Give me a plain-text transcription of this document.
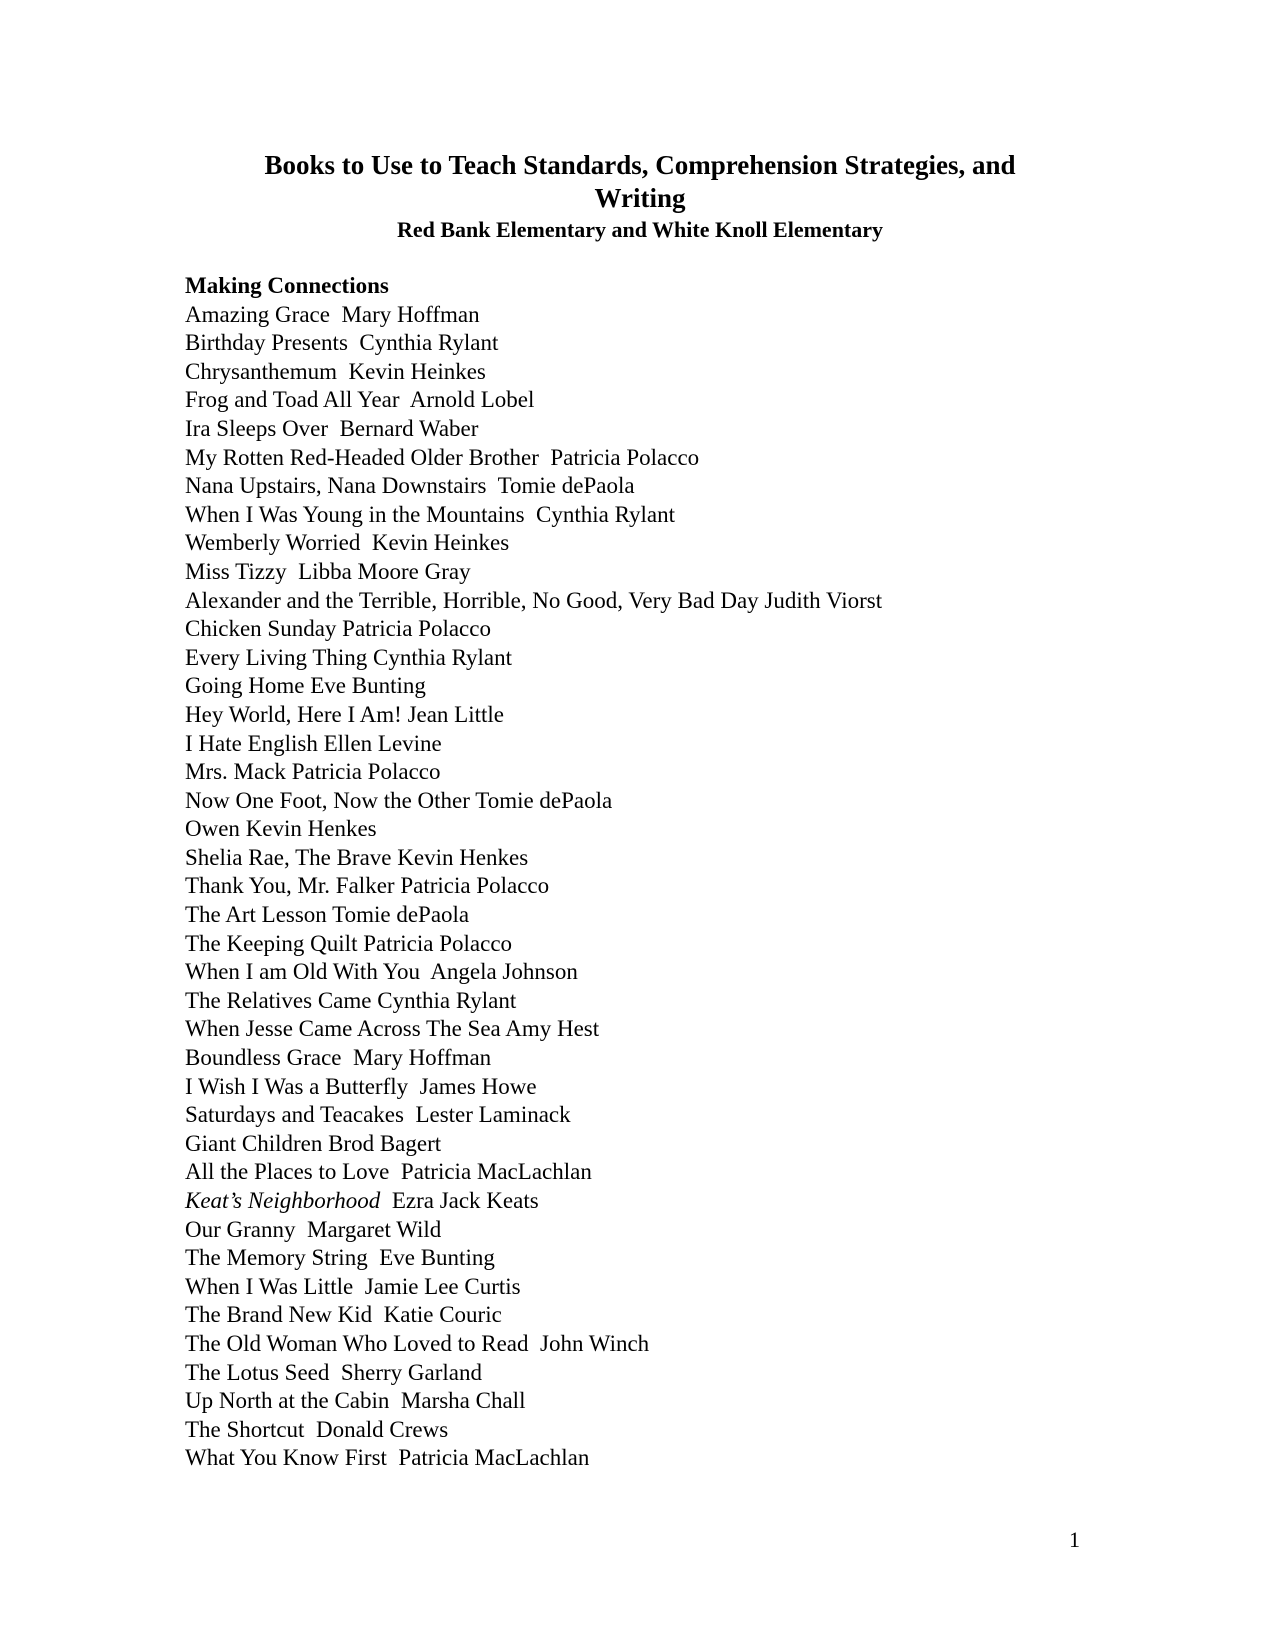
Books to Use to Teach Standards, Comprehension Strategies, and
Writing
Red Bank Elementary and White Knoll Elementary
Making Connections
Amazing Grace Mary Hoffman
Birthday Presents Cynthia Rylant
Chrysanthemum Kevin Heinkes
Frog and Toad All Year Arnold Lobel
Ira Sleeps Over Bernard Waber
My Rotten Red-Headed Older Brother Patricia Polacco
Nana Upstairs, Nana Downstairs Tomie dePaola
When I Was Young in the Mountains Cynthia Rylant
Wemberly Worried Kevin Heinkes
Miss Tizzy Libba Moore Gray
Alexander and the Terrible, Horrible, No Good, Very Bad Day Judith Viorst
Chicken Sunday Patricia Polacco
Every Living Thing Cynthia Rylant
Going Home Eve Bunting
Hey World, Here I Am! Jean Little
I Hate English Ellen Levine
Mrs. Mack Patricia Polacco
Now One Foot, Now the Other Tomie dePaola
Owen Kevin Henkes
Shelia Rae, The Brave Kevin Henkes
Thank You, Mr. Falker Patricia Polacco
The Art Lesson Tomie dePaola
The Keeping Quilt Patricia Polacco
When I am Old With You Angela Johnson
The Relatives Came Cynthia Rylant
When Jesse Came Across The Sea Amy Hest
Boundless Grace Mary Hoffman
I Wish I Was a Butterfly James Howe
Saturdays and Teacakes Lester Laminack
Giant Children Brod Bagert
All the Places to Love Patricia MacLachlan
Keat’s Neighborhood Ezra Jack Keats
Our Granny Margaret Wild
The Memory String Eve Bunting
When I Was Little Jamie Lee Curtis
The Brand New Kid Katie Couric
The Old Woman Who Loved to Read John Winch
The Lotus Seed Sherry Garland
Up North at the Cabin Marsha Chall
The Shortcut Donald Crews
What You Know First Patricia MacLachlan
1
